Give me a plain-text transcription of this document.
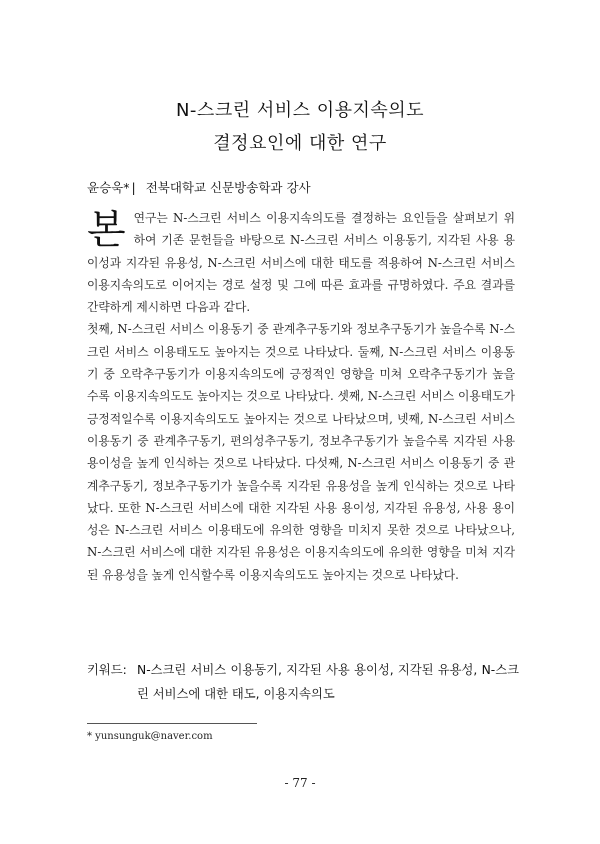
N-스크린 서비스 이용지속의도
결정요인에 대한 연구
윤승욱* | 전북대학교 신문방송학과 강사

본연구는 N-스크린 서비스 이용지속의도를 결정하는 요인들을 살펴보기 위하여 기존 문헌들을 바탕으로 N-스크린 서비스 이용동기, 지각된 사용 용이성과 지각된 유용성, N-스크린 서비스에 대한 태도를 적용하여 N-스크린 서비스 이용지속의도로 이어지는 경로 설정 및 그에 따른 효과를 규명하였다. 주요 결과를 간략하게 제시하면 다음과 같다.

첫째, N-스크린 서비스 이용동기 중 관계추구동기와 정보추구동기가 높을수록 N-스크린 서비스 이용태도도 높아지는 것으로 나타났다. 둘째, N-스크린 서비스 이용동기 중 오락추구동기가 이용지속의도에 긍정적인 영향을 미쳐 오락추구동기가 높을수록 이용지속의도도 높아지는 것으로 나타났다. 셋째, N-스크린 서비스 이용태도가 긍정적일수록 이용지속의도도 높아지는 것으로 나타났으며, 넷째, N-스크린 서비스 이용동기 중 관계추구동기, 편의성추구동기, 정보추구동기가 높을수록 지각된 사용 용이성을 높게 인식하는 것으로 나타났다. 다섯째, N-스크린 서비스 이용동기 중 관계추구동기, 정보추구동기가 높을수록 지각된 유용성을 높게 인식하는 것으로 나타났다. 또한 N-스크린 서비스에 대한 지각된 사용 용이성, 지각된 유용성, 사용 용이성은 N-스크린 서비스 이용태도에 유의한 영향을 미치지 못한 것으로 나타났으나, N-스크린 서비스에 대한 지각된 유용성은 이용지속의도에 유의한 영향을 미쳐 지각된 유용성을 높게 인식할수록 이용지속의도도 높아지는 것으로 나타났다.

키워드: N-스크린 서비스 이용동기, 지각된 사용 용이성, 지각된 유용성, N-스크린 서비스에 대한 태도, 이용지속의도
* yunsunguk@naver.com
- 77 -
